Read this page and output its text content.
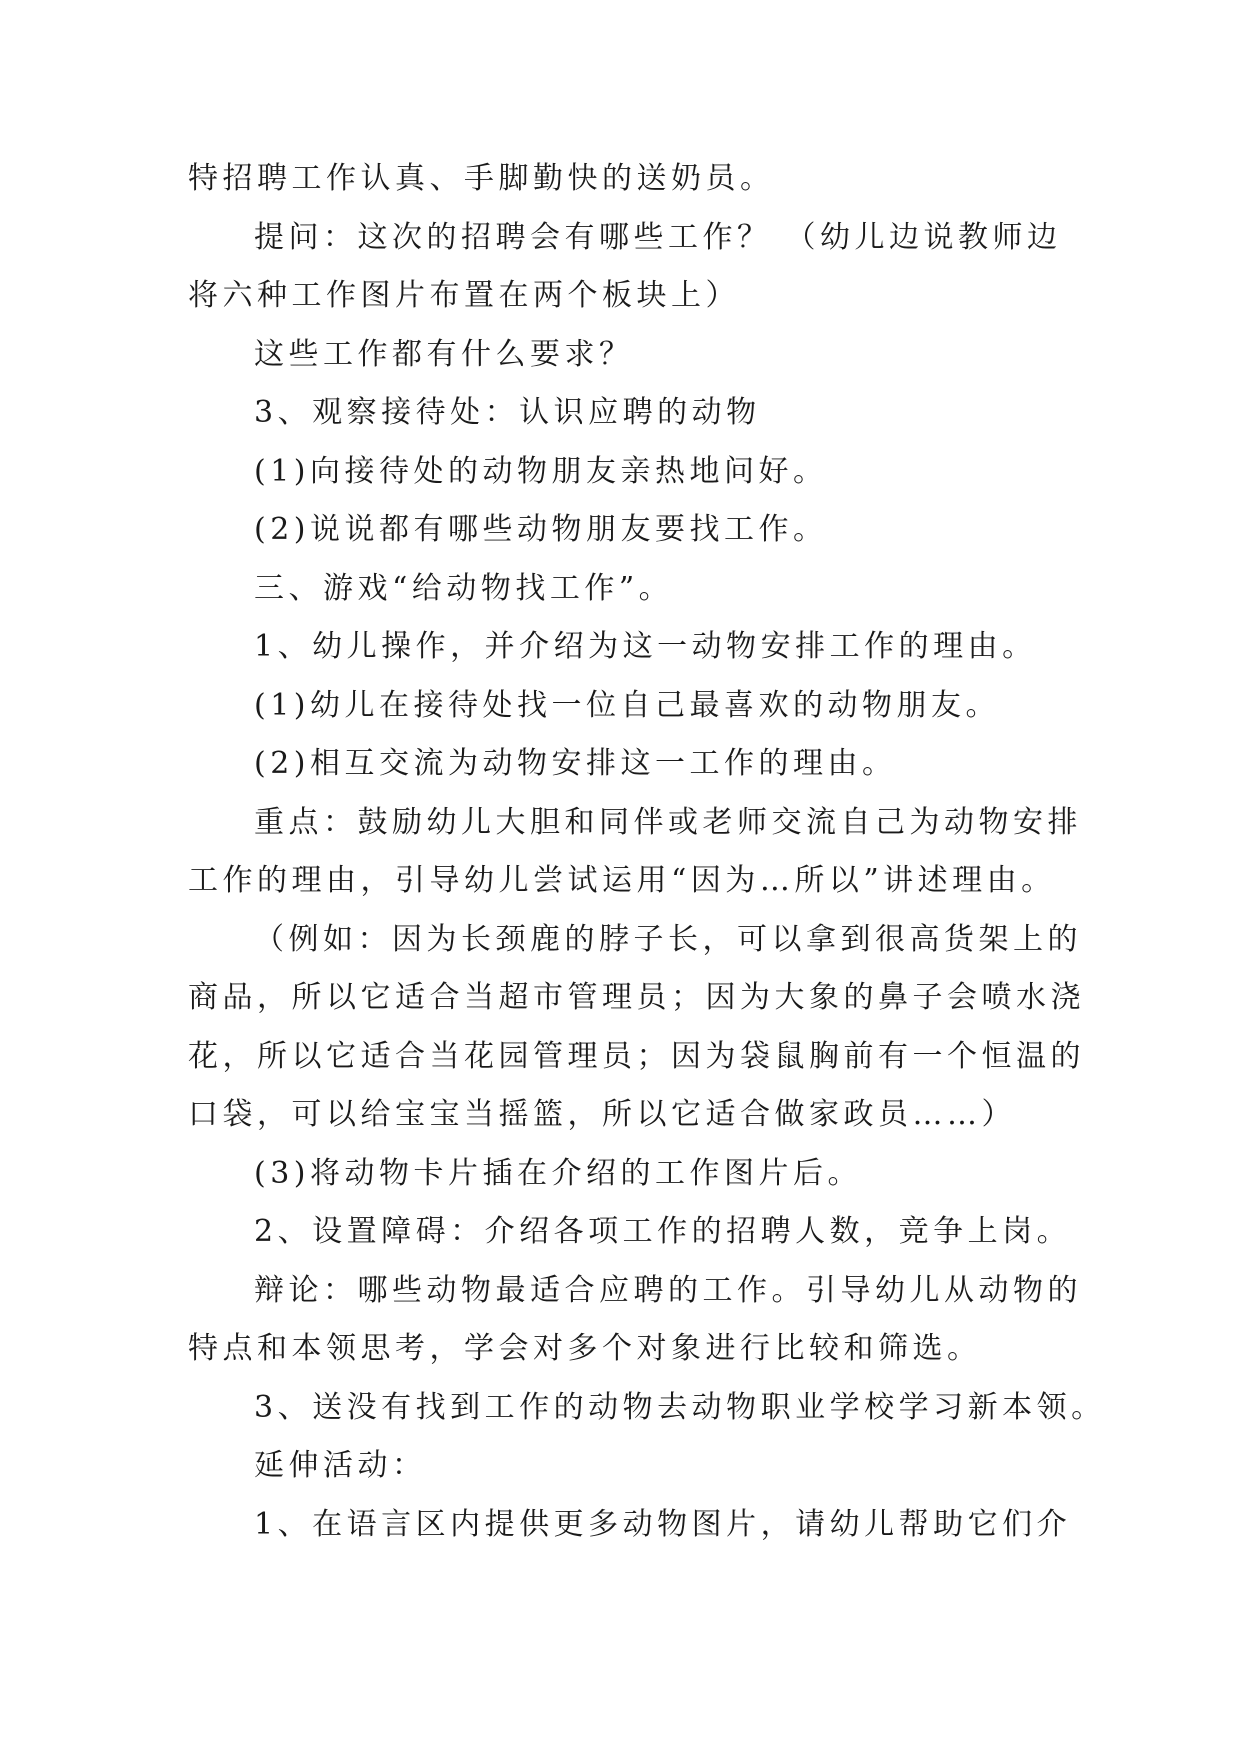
特招聘工作认真、手脚勤快的送奶员。
提问：这次的招聘会有哪些工作？ （幼儿边说教师边
将六种工作图片布置在两个板块上）
这些工作都有什么要求？
3、观察接待处：认识应聘的动物
(1)向接待处的动物朋友亲热地问好。
(2)说说都有哪些动物朋友要找工作。
三、游戏“给动物找工作”。
1、幼儿操作，并介绍为这一动物安排工作的理由。
(1)幼儿在接待处找一位自己最喜欢的动物朋友。
(2)相互交流为动物安排这一工作的理由。
重点：鼓励幼儿大胆和同伴或老师交流自己为动物安排
工作的理由，引导幼儿尝试运用“因为…所以”讲述理由。
（例如：因为长颈鹿的脖子长，可以拿到很高货架上的
商品，所以它适合当超市管理员；因为大象的鼻子会喷水浇
花，所以它适合当花园管理员；因为袋鼠胸前有一个恒温的
口袋，可以给宝宝当摇篮，所以它适合做家政员……）
(3)将动物卡片插在介绍的工作图片后。
2、设置障碍：介绍各项工作的招聘人数，竞争上岗。
辩论：哪些动物最适合应聘的工作。引导幼儿从动物的
特点和本领思考，学会对多个对象进行比较和筛选。
3、送没有找到工作的动物去动物职业学校学习新本领。
延伸活动：
1、在语言区内提供更多动物图片，请幼儿帮助它们介
